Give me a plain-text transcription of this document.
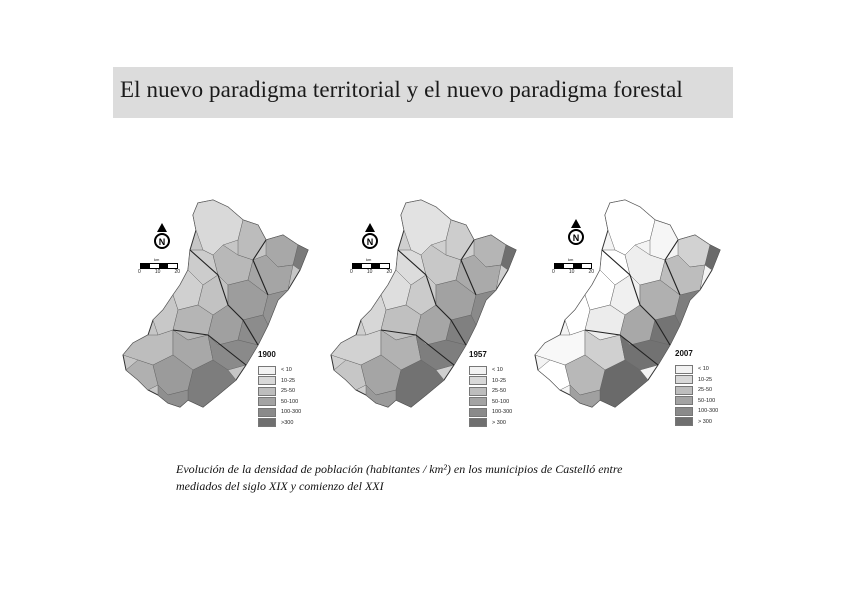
El nuevo paradigma territorial y el nuevo paradigma forestal
N
km
0	10	20
1900
< 10
10-25
25-50
50-100
100-300
>300
N
km
0	10	20
1957
< 10
10-25
25-50
50-100
100-300
> 300
N
km
0	10	20
2007
< 10
10-25
25-50
50-100
100-300
> 300

Evolución de la densidad de población (habitantes / km²) en los municipios de Castelló entre

mediados del siglo XIX y comienzo del XXI
